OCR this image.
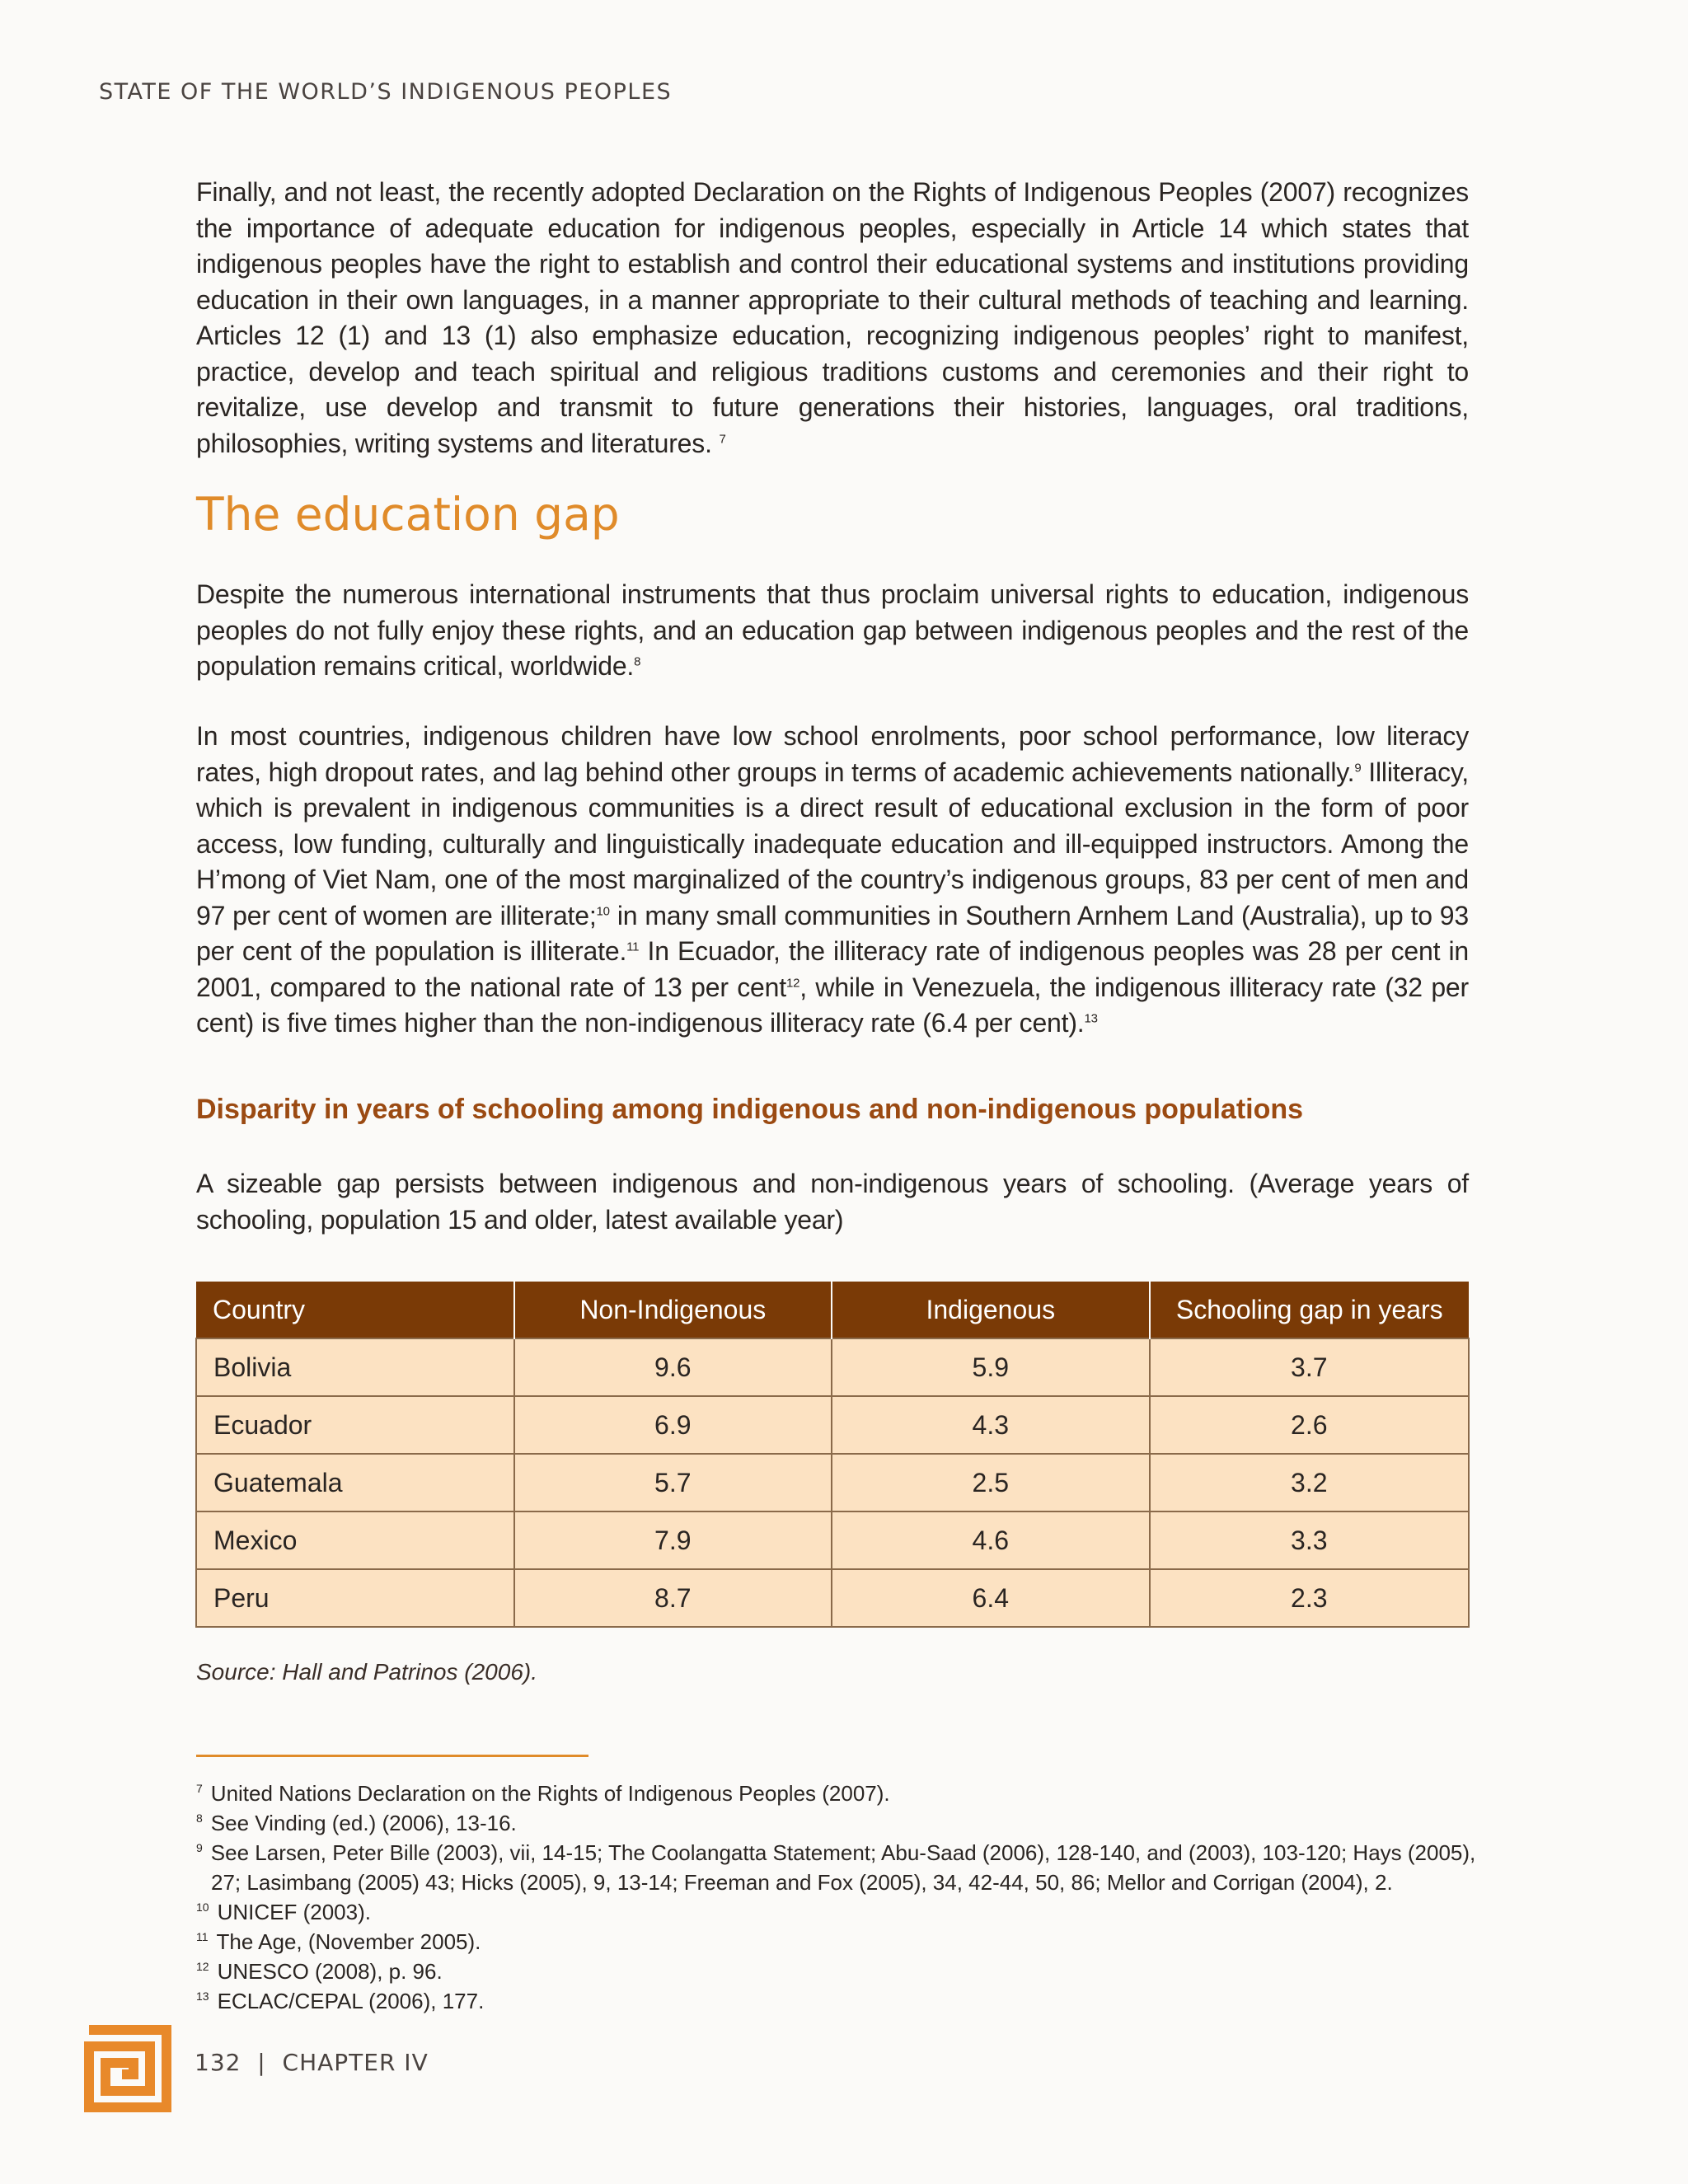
STATE OF THE WORLD’S INDIGENOUS PEOPLES

Finally, and not least, the recently adopted Declaration on the Rights of Indigenous Peoples (2007) recognizes the importance of adequate education for indigenous peoples, especially in Article 14 which states that indigenous peoples have the right to establish and control their educational systems and institutions providing education in their own languages, in a manner appropriate to their cultural methods of teaching and learning. Articles 12 (1) and 13 (1) also emphasize education, recognizing indigenous peoples’ right to manifest, practice, develop and teach spiritual and religious traditions customs and ceremonies and their right to revitalize, use develop and transmit to future generations their histories, languages, oral traditions, philosophies, writing systems and literatures. $^7$

The education gap

Despite the numerous international instruments that thus proclaim universal rights to education, indigenous peoples do not fully enjoy these rights, and an education gap between indigenous peoples and the rest of the population remains critical, worldwide.$^8$

In most countries, indigenous children have low school enrolments, poor school performance, low literacy rates, high dropout rates, and lag behind other groups in terms of academic achievements nationally.$^9$ Illiteracy, which is prevalent in indigenous communities is a direct result of educational exclusion in the form of poor access, low funding, culturally and linguistically inadequate education and ill-equipped instructors. Among the H’mong of Viet Nam, one of the most marginalized of the country’s indigenous groups, 83 per cent of men and 97 per cent of women are illiterate;$^{10}$ in many small communities in Southern Arnhem Land (Australia), up to 93 per cent of the population is illiterate.$^{11}$ In Ecuador, the illiteracy rate of indigenous peoples was 28 per cent in 2001, compared to the national rate of 13 per cent$^{12}$, while in Venezuela, the indigenous illiteracy rate (32 per cent) is five times higher than the non-indigenous illiteracy rate (6.4 per cent).$^{13}$

Disparity in years of schooling among indigenous and non-indigenous populations

A sizeable gap persists between indigenous and non-indigenous years of schooling. (Average years of schooling, population 15 and older, latest available year)

Country	Non-Indigenous	Indigenous	Schooling gap in years
Bolivia	9.6	5.9	3.7
Ecuador	6.9	4.3	2.6
Guatemala	5.7	2.5	3.2
Mexico	7.9	4.6	3.3
Peru	8.7	6.4	2.3
Source: Hall and Patrinos (2006).

$^7$ United Nations Declaration on the Rights of Indigenous Peoples (2007).

$^8$ See Vinding (ed.) (2006), 13-16.

$^9$ See Larsen, Peter Bille (2003), vii, 14-15; The Coolangatta Statement; Abu-Saad (2006), 128-140, and (2003), 103-120; Hays (2005),

27; Lasimbang (2005) 43; Hicks (2005), 9, 13-14; Freeman and Fox (2005), 34, 42-44, 50, 86; Mellor and Corrigan (2004), 2.

$^{10}$ UNICEF (2003).

$^{11}$ The Age, (November 2005).

$^{12}$ UNESCO (2008), p. 96.

$^{13}$ ECLAC/CEPAL (2006), 177.

132 | CHAPTER IV
